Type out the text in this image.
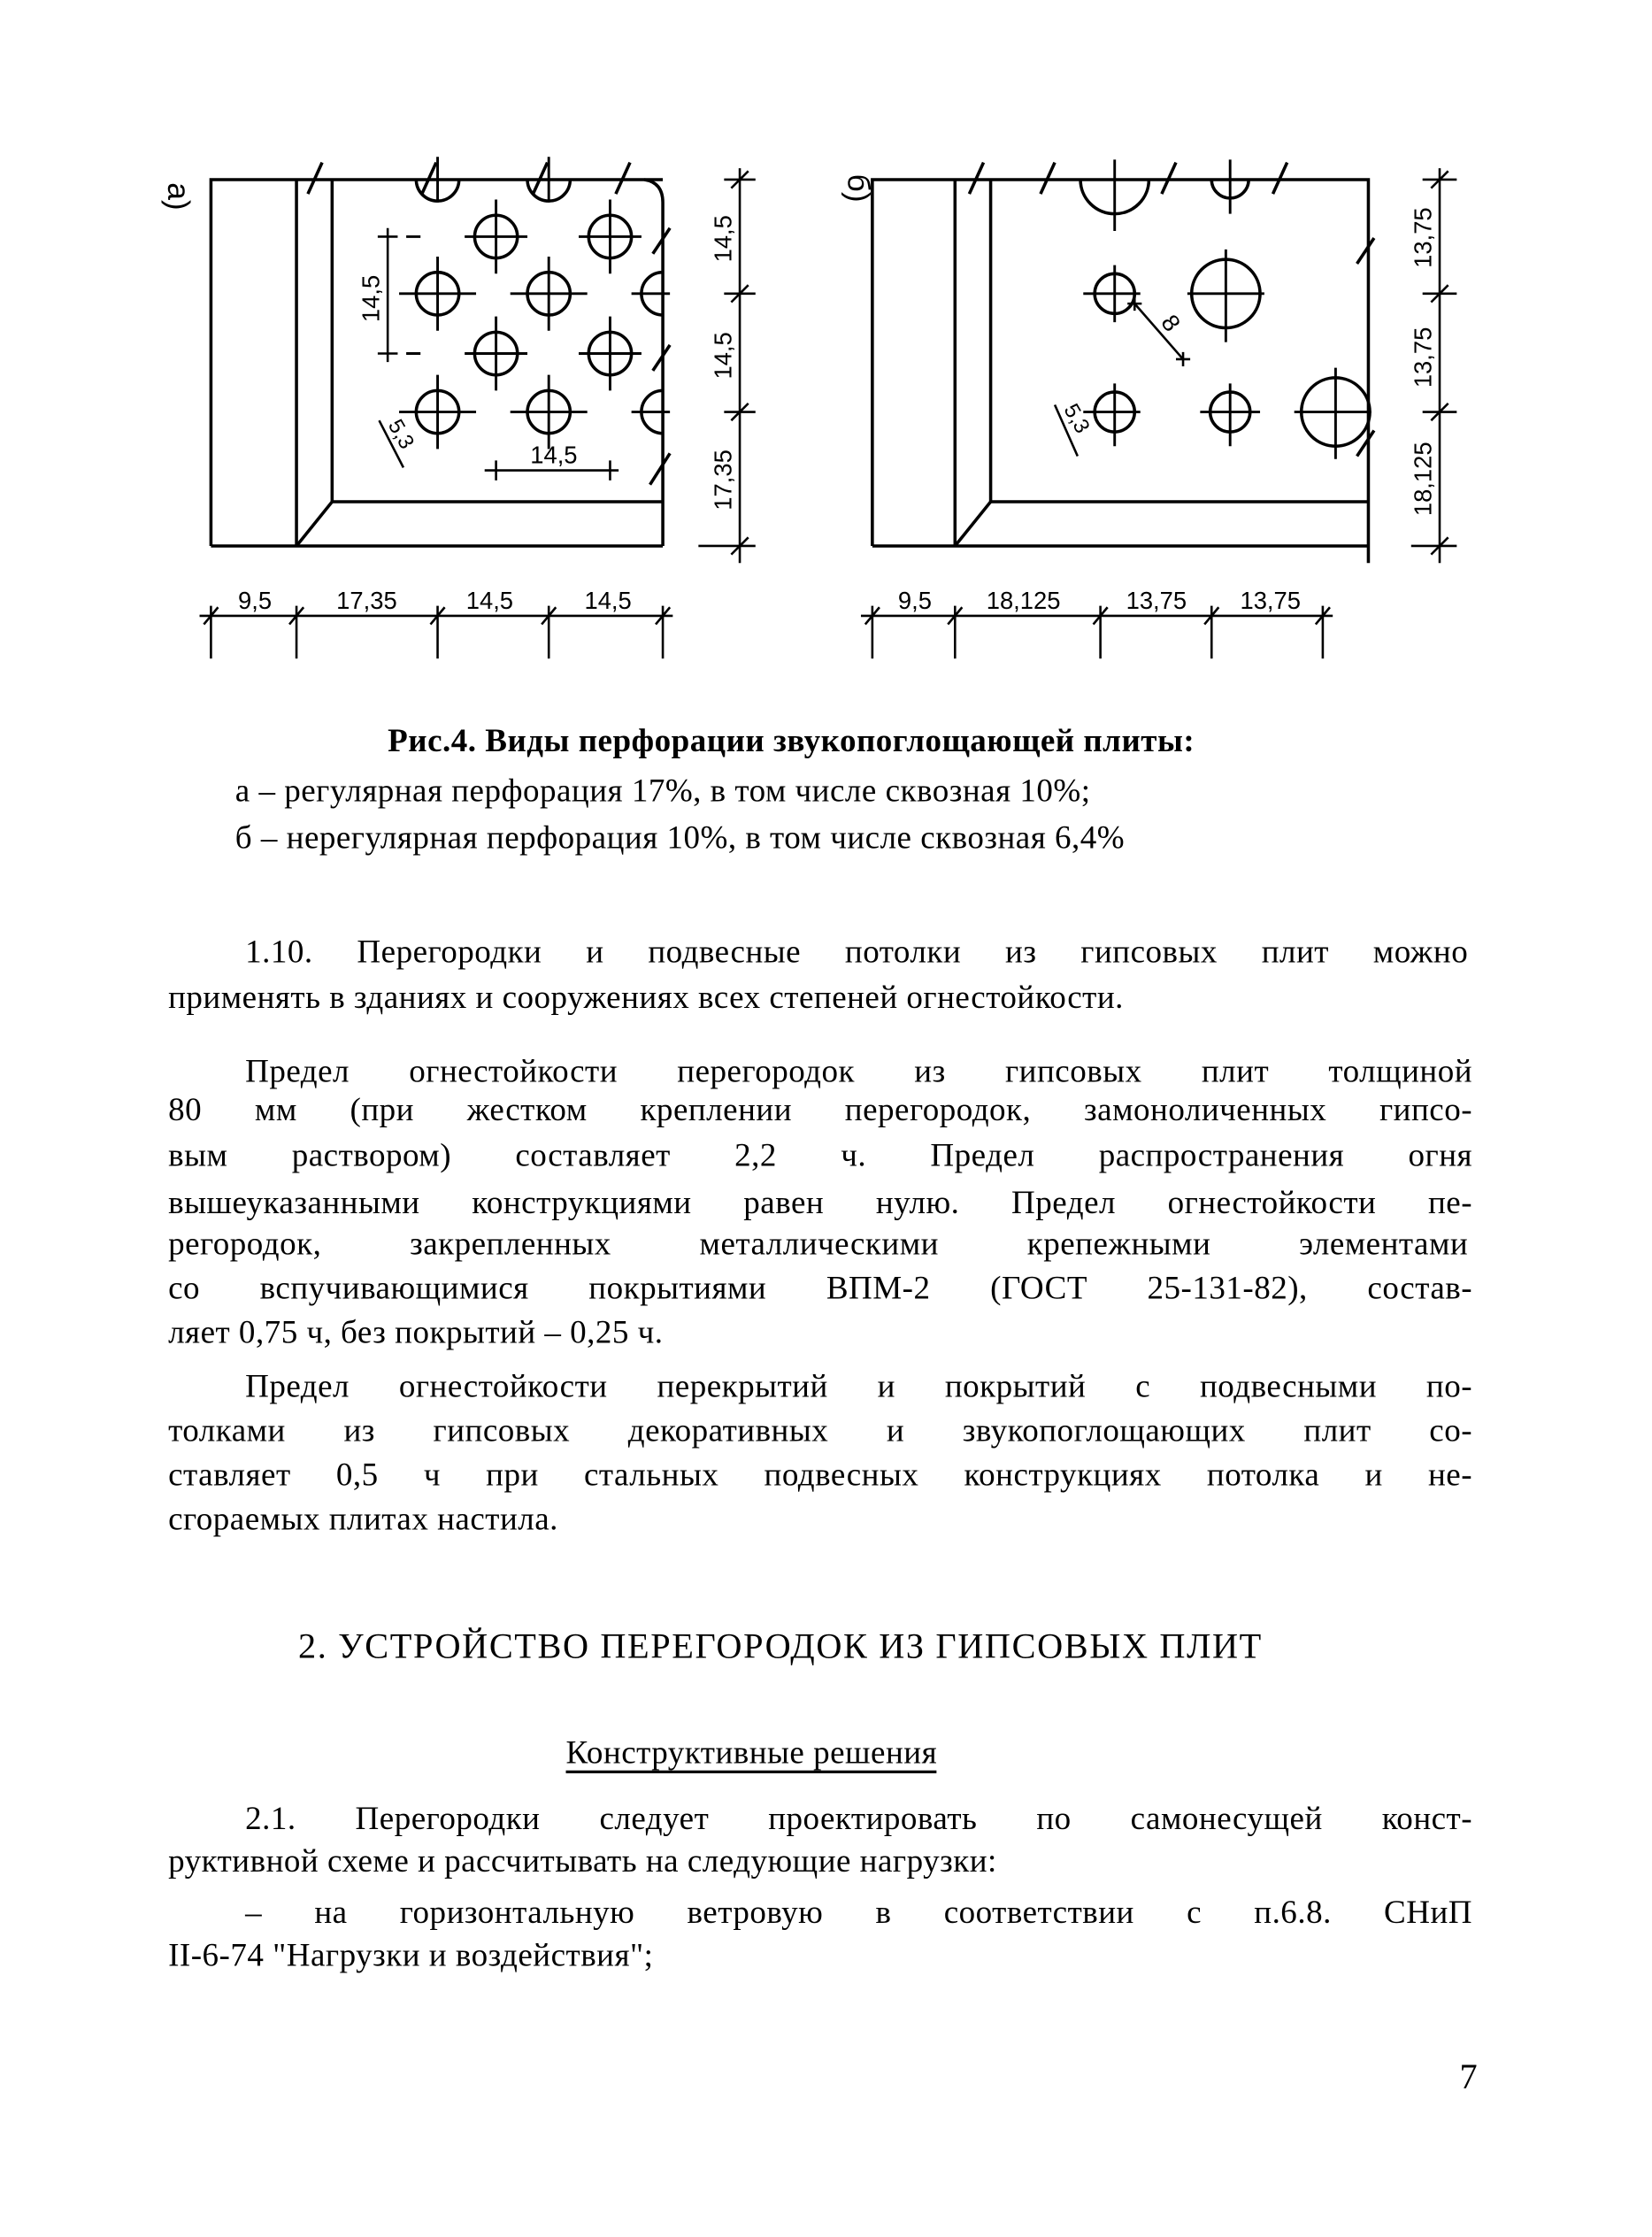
а)
14,5
14,5
5,3
14,5
14,5
17,35
9,5	17,35	14,5	14,5
б)
8
5,3
13,75
13,75
18,125
9,5	18,125	13,75	13,75
Рис.4. Виды перфорации звукопоглощающей плиты:
а – регулярная перфорация 17%, в том числе сквозная 10%;
б – нерегулярная перфорация 10%, в том числе сквозная 6,4%
1.10. Перегородки и подвесные потолки из гипсовых плит можно
применять в зданиях и сооружениях всех степеней огнестойкости.
Предел огнестойкости перегородок из гипсовых плит толщиной
80 мм (при жестком креплении перегородок, замоноличенных гипсо-
вым раствором) составляет 2,2 ч. Предел распространения огня
вышеуказанными конструкциями равен нулю. Предел огнестойкости пе-
регородок, закрепленных металлическими крепежными элементами
со вспучивающимися покрытиями ВПМ-2 (ГОСТ 25-131-82), состав-
ляет 0,75 ч, без покрытий – 0,25 ч.
Предел огнестойкости перекрытий и покрытий с подвесными по-
толками из гипсовых декоративных и звукопоглощающих плит со-
ставляет 0,5 ч при стальных подвесных конструкциях потолка и не-
сгораемых плитах настила.
2. УСТРОЙСТВО ПЕРЕГОРОДОК ИЗ ГИПСОВЫХ ПЛИТ
Конструктивные решения
2.1. Перегородки следует проектировать по самонесущей конст-
руктивной схеме и рассчитывать на следующие нагрузки:
– на горизонтальную ветровую в соответствии с п.6.8. СНиП
II-6-74 "Нагрузки и воздействия";
7
